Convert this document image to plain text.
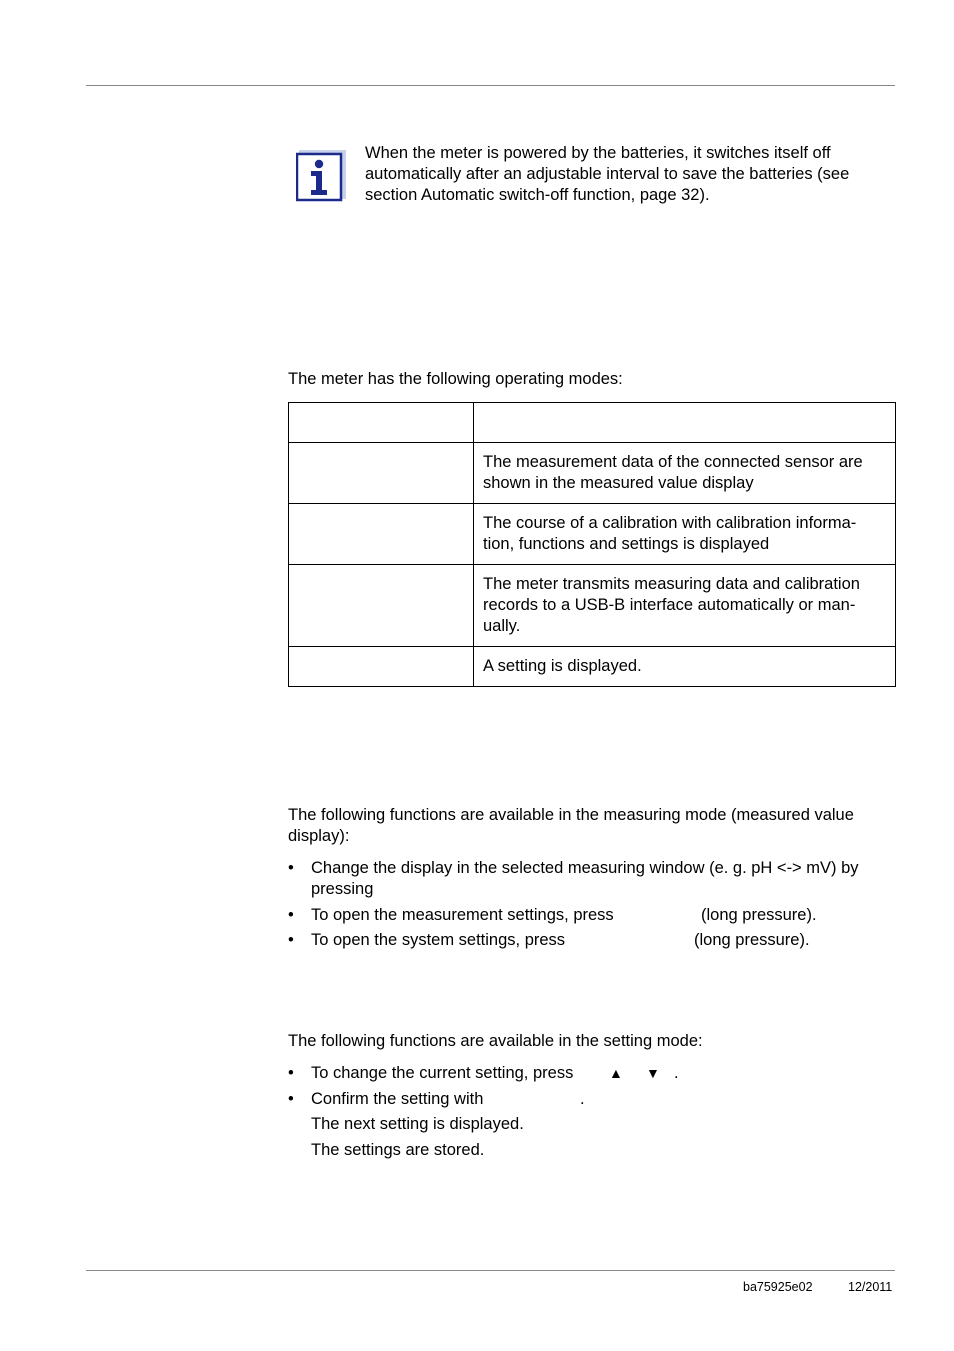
When the meter is powered by the batteries, it switches itself off automatically after an adjustable interval to save the batteries (see section Automatic switch-off function, page 32).

The meter has the following operating modes:

	The measurement data of the connected sensor are shown in the measured value display
	The course of a calibration with calibration informa-tion, functions and settings is displayed
	The meter transmits measuring data and calibration records to a USB-B interface automatically or man-ually.
	A setting is displayed.

The following functions are available in the measuring mode (measured value display):

• Change the display in the selected measuring window (e. g. pH <-> mV) by pressing
• To open the measurement settings, press	(long pressure).
• To open the system settings, press	(long pressure).

The following functions are available in the setting mode:

• To change the current setting, press	▲ ▼ .
• Confirm the setting with	.

The next setting is displayed.

The settings are stored.

ba75925e02	12/2011
